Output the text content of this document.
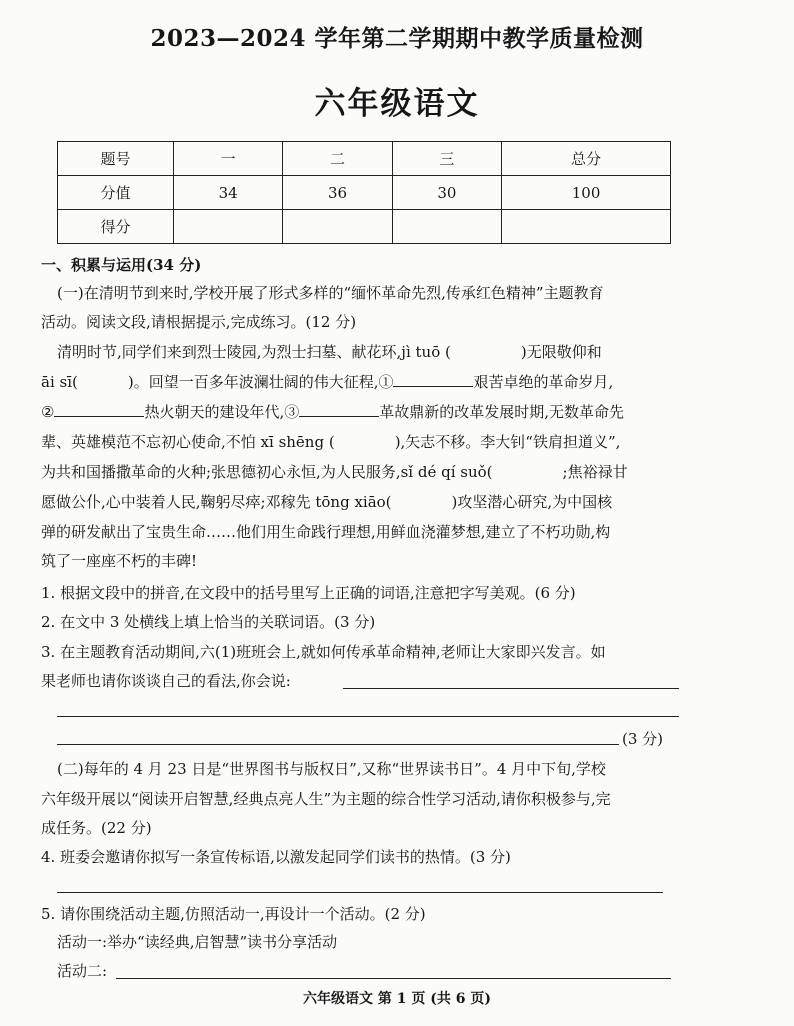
2023—2024 学年第二学期期中教学质量检测
六年级语文
题号	一	二	三	总分
分值	34	36	30	100
得分				
一、积累与运用(34 分)
(一)在清明节到来时,学校开展了形式多样的“缅怀革命先烈,传承红色精神”主题教育
活动。阅读文段,请根据提示,完成练习。(12 分)
清明时节,同学们来到烈士陵园,为烈士扫墓、献花环,jì tuō (	)无限敬仰和
āi sī(	)。回望一百多年波澜壮阔的伟大征程,①	艰苦卓绝的革命岁月,
②	热火朝天的建设年代,③	革故鼎新的改革发展时期,无数革命先
辈、英雄模范不忘初心使命,不怕 xī shēng (	),矢志不移。李大钊“铁肩担道义”,
为共和国播撒革命的火种;张思德初心永恒,为人民服务,sǐ dé qí suǒ(	;焦裕禄甘
愿做公仆,心中装着人民,鞠躬尽瘁;邓稼先 tōng xiāo(	)攻坚潜心研究,为中国核
弹的研发献出了宝贵生命……他们用生命践行理想,用鲜血浇灌梦想,建立了不朽功勋,构
筑了一座座不朽的丰碑!
1. 根据文段中的拼音,在文段中的括号里写上正确的词语,注意把字写美观。(6 分)
2. 在文中 3 处横线上填上恰当的关联词语。(3 分)
3. 在主题教育活动期间,六(1)班班会上,就如何传承革命精神,老师让大家即兴发言。如
果老师也请你谈谈自己的看法,你会说:
(3 分)
(二)每年的 4 月 23 日是“世界图书与版权日”,又称“世界读书日”。4 月中下旬,学校
六年级开展以“阅读开启智慧,经典点亮人生”为主题的综合性学习活动,请你积极参与,完
成任务。(22 分)
4. 班委会邀请你拟写一条宣传标语,以激发起同学们读书的热情。(3 分)
5. 请你围绕活动主题,仿照活动一,再设计一个活动。(2 分)
活动一:举办“读经典,启智慧”读书分享活动
活动二:
六年级语文 第 1 页 (共 6 页)
